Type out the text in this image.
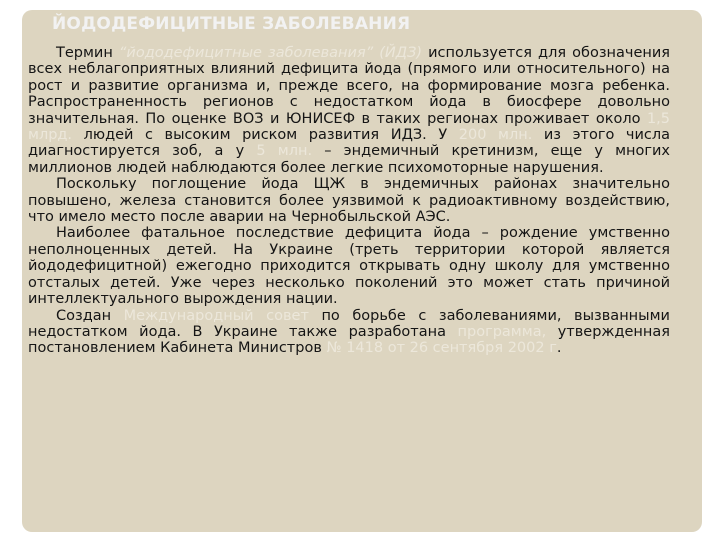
ЙОДОДЕФИЦИТНЫЕ ЗАБОЛЕВАНИЯ

Термин “йододефицитные заболевания” (ЙДЗ) используется для обозначения всех неблагоприятных влияний дефицита йода (прямого или относительного) на рост и развитие организма и, прежде всего, на формирование мозга ребенка. Распространенность регионов с недостатком йода в биосфере довольно значительная. По оценке ВОЗ и ЮНИСЕФ в таких регионах проживает около 1,5 млрд. людей с высоким риском развития ИДЗ. У 200 млн. из этого числа диагностируется зоб, а у 5 млн. – эндемичный кретинизм, еще у многих миллионов людей наблюдаются более легкие психомоторные нарушения.

Поскольку поглощение йода ЩЖ в эндемичных районах значительно повышено, железа становится более уязвимой к радиоактивному воздействию, что имело место после аварии на Чернобыльской АЭС.

Наиболее фатальное последствие дефицита йода – рождение умственно неполноценных детей. На Украине (треть территории которой является йододефицитной) ежегодно приходится открывать одну школу для умственно отсталых детей. Уже через несколько поколений это может стать причиной интеллектуального вырождения нации.

Создан Международный совет по борьбе с заболеваниями, вызванными недостатком йода. В Украине также разработана программа, утвержденная постановлением Кабинета Министров № 1418 от 26 сентября 2002 г.
